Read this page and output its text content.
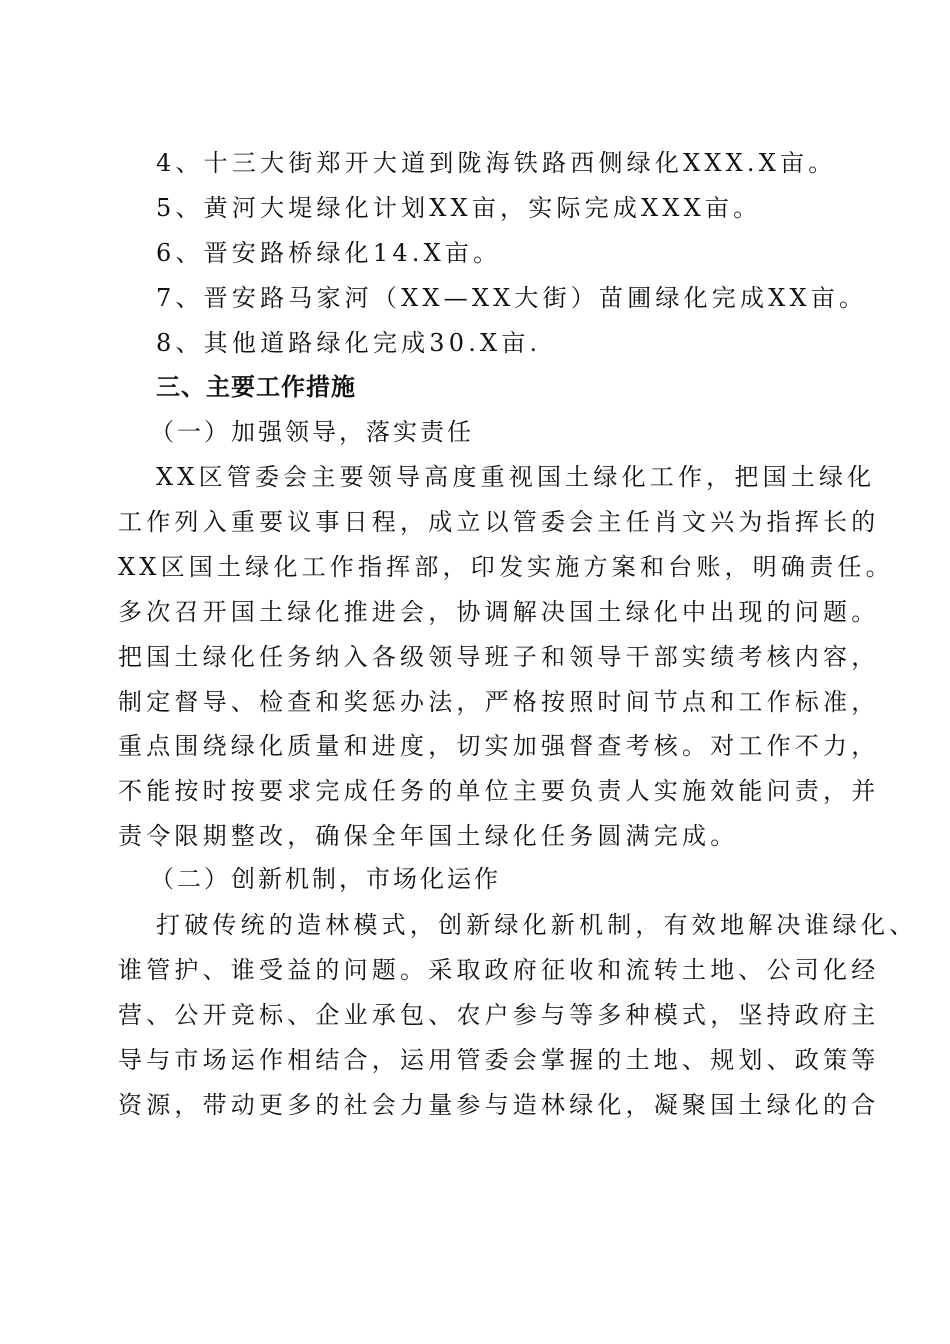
4、十三大街郑开大道到陇海铁路西侧绿化XXX.X亩。
5、黄河大堤绿化计划XX亩，实际完成XXX亩。
6、晋安路桥绿化14.X亩。
7、晋安路马家河（XX—XX大街）苗圃绿化完成XX亩。
8、其他道路绿化完成30.X亩.
三、主要工作措施
（一）加强领导，落实责任
XX区管委会主要领导高度重视国土绿化工作，把国土绿化
工作列入重要议事日程，成立以管委会主任肖文兴为指挥长的
XX区国土绿化工作指挥部，印发实施方案和台账，明确责任。
多次召开国土绿化推进会，协调解决国土绿化中出现的问题。
把国土绿化任务纳入各级领导班子和领导干部实绩考核内容，
制定督导、检查和奖惩办法，严格按照时间节点和工作标准，
重点围绕绿化质量和进度，切实加强督查考核。对工作不力，
不能按时按要求完成任务的单位主要负责人实施效能问责，并
责令限期整改，确保全年国土绿化任务圆满完成。
（二）创新机制，市场化运作
打破传统的造林模式，创新绿化新机制，有效地解决谁绿化、
谁管护、谁受益的问题。采取政府征收和流转土地、公司化经
营、公开竞标、企业承包、农户参与等多种模式，坚持政府主
导与市场运作相结合，运用管委会掌握的土地、规划、政策等
资源，带动更多的社会力量参与造林绿化，凝聚国土绿化的合
